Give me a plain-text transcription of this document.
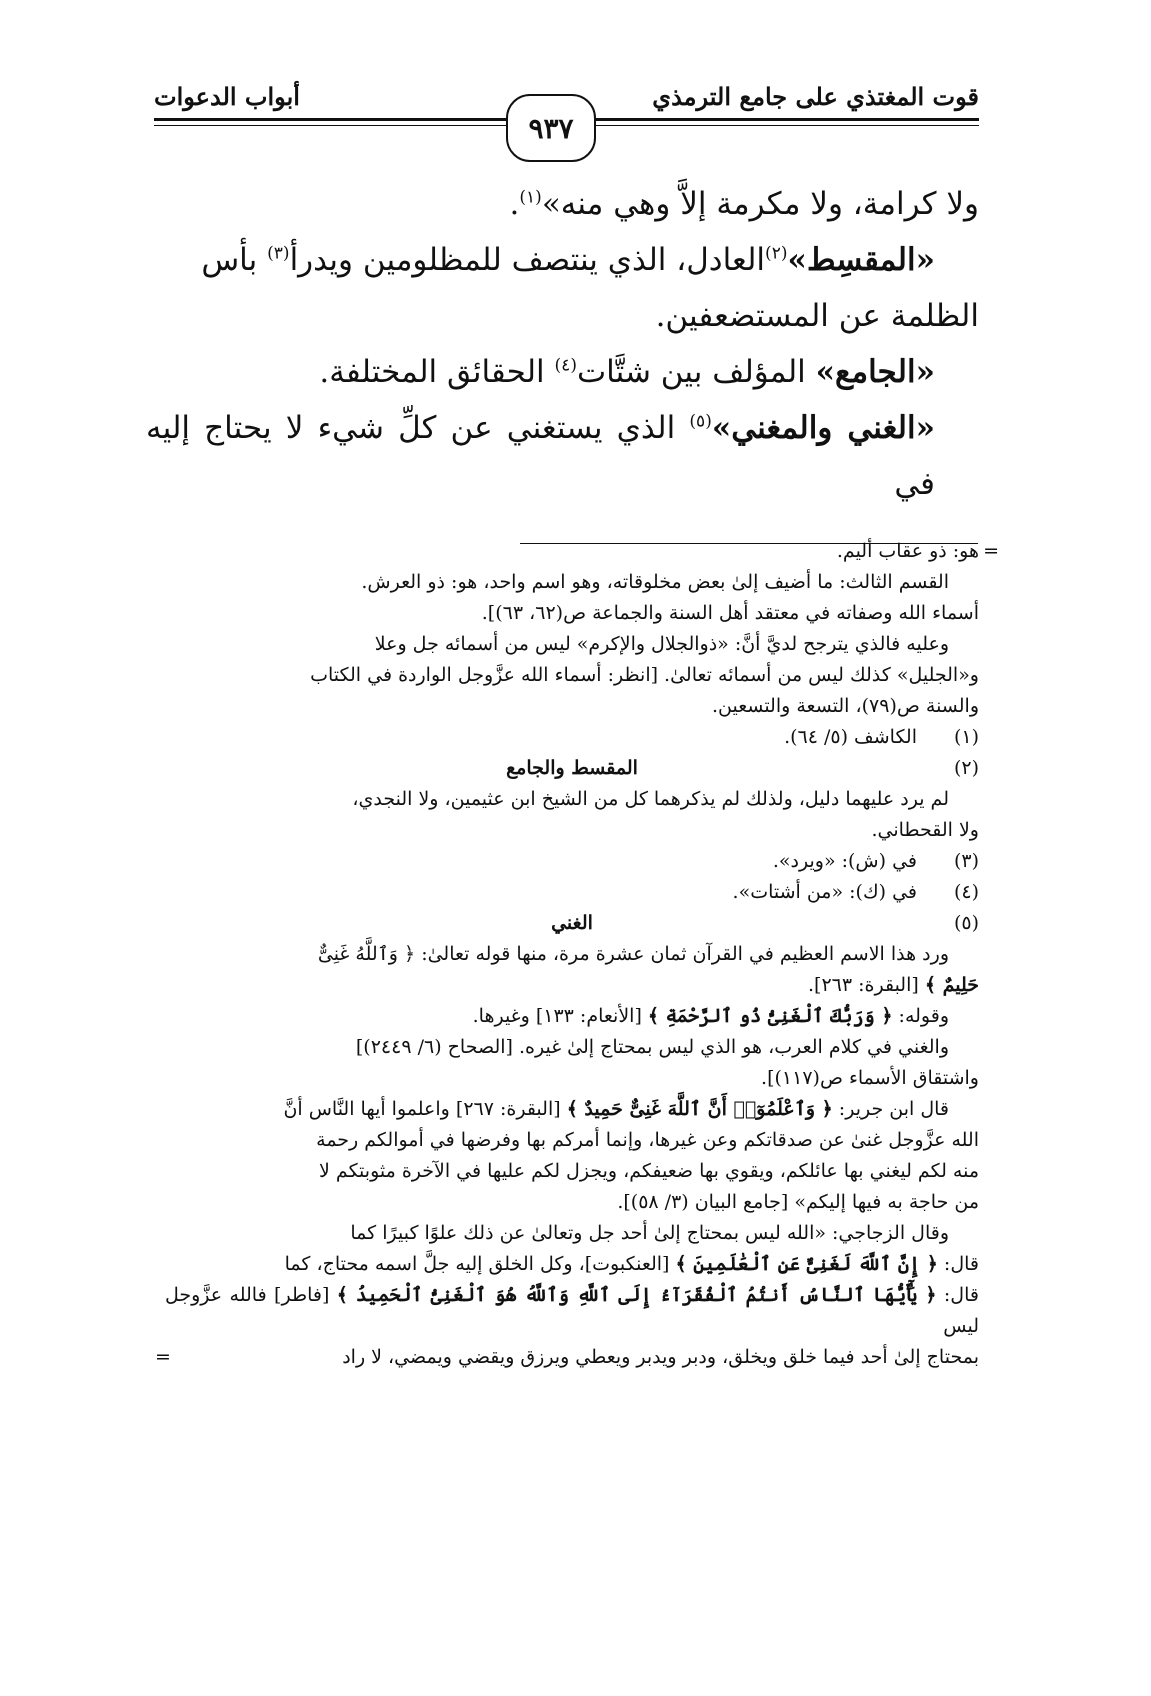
قوت المغتذي على جامع الترمذي
أبواب الدعوات
٩٣٧

ولا كرامة، ولا مكرمة إلاَّ وهي منه»$^{(١)}$.

«المقسِط»$^{(٢)}$العادل، الذي ينتصف للمظلومين ويدرأ$^{(٣)}$ بأس

الظلمة عن المستضعفين.

«الجامع» المؤلف بين شتَّات$^{(٤)}$ الحقائق المختلفة.

«الغني والمغني»$^{(٥)}$ الذي يستغني عن كلِّ شيء لا يحتاج إليه في

=
هو: ذو عقاب أليم.
القسم الثالث: ما أضيف إلىٰ بعض مخلوقاته، وهو اسم واحد، هو: ذو العرش.
أسماء الله وصفاته في معتقد أهل السنة والجماعة ص(٦٢، ٦٣)].
وعليه فالذي يترجح لديَّ أنَّ: «ذوالجلال والإكرم» ليس من أسمائه جل وعلا
و«الجليل» كذلك ليس من أسمائه تعالىٰ. [انظر: أسماء الله عزَّوجل الواردة في الكتاب
والسنة ص(٧٩)، التسعة والتسعين.
(١)الكاشف (٥/ ٦٤).
(٢)
المقسط والجامع
لم يرد عليهما دليل، ولذلك لم يذكرهما كل من الشيخ ابن عثيمين، ولا النجدي،
ولا القحطاني.
(٣)في (ش): «ويرد».
(٤)في (ك): «من أشتات».
(٥)
الغني
ورد هذا الاسم العظيم في القرآن ثمان عشرة مرة، منها قوله تعالىٰ: ﴿ وَٱللَّهُ غَنِىٌّ
حَلِيمٌ ﴾ [البقرة: ٢٦٣].
وقوله: ﴿ وَرَبُّكَ ٱلْغَنِىُّ ذُو ٱلرَّحْمَةِ ﴾ [الأنعام: ١٣٣] وغيرها.
والغني في كلام العرب، هو الذي ليس بمحتاج إلىٰ غيره. [الصحاح (٦/ ٢٤٤٩)]
واشتقاق الأسماء ص(١١٧)].
قال ابن جرير: ﴿ وَٱعْلَمُوٓا۟ أَنَّ ٱللَّهَ غَنِىٌّ حَمِيدٌ ﴾ [البقرة: ٢٦٧] واعلموا أيها النَّاس أنَّ
الله عزَّوجل غنىٰ عن صدقاتكم وعن غيرها، وإنما أمركم بها وفرضها في أموالكم رحمة
منه لكم ليغني بها عائلكم، ويقوي بها ضعيفكم، ويجزل لكم عليها في الآخرة مثوبتكم لا
من حاجة به فيها إليكم» [جامع البيان (٣/ ٥٨)].
وقال الزجاجي: «الله ليس بمحتاج إلىٰ أحد جل وتعالىٰ عن ذلك علوًا كبيرًا كما
قال: ﴿ إِنَّ ٱللَّهَ لَغَنِىٌّ عَنِ ٱلْعَٰلَمِينَ ﴾ [العنكبوت]، وكل الخلق إليه جلَّ اسمه محتاج، كما
قال: ﴿ يَٰٓأَيُّهَا ٱلنَّاسُ أَنتُمُ ٱلْفُقَرَآءُ إِلَى ٱللَّهِ وَٱللَّهُ هُوَ ٱلْغَنِىُّ ٱلْحَمِيدُ ﴾ [فاطر] فالله عزَّوجل ليس
بمحتاج إلىٰ أحد فيما خلق ويخلق، ودبر ويدبر ويعطي ويرزق ويقضي ويمضي، لا راد
=
